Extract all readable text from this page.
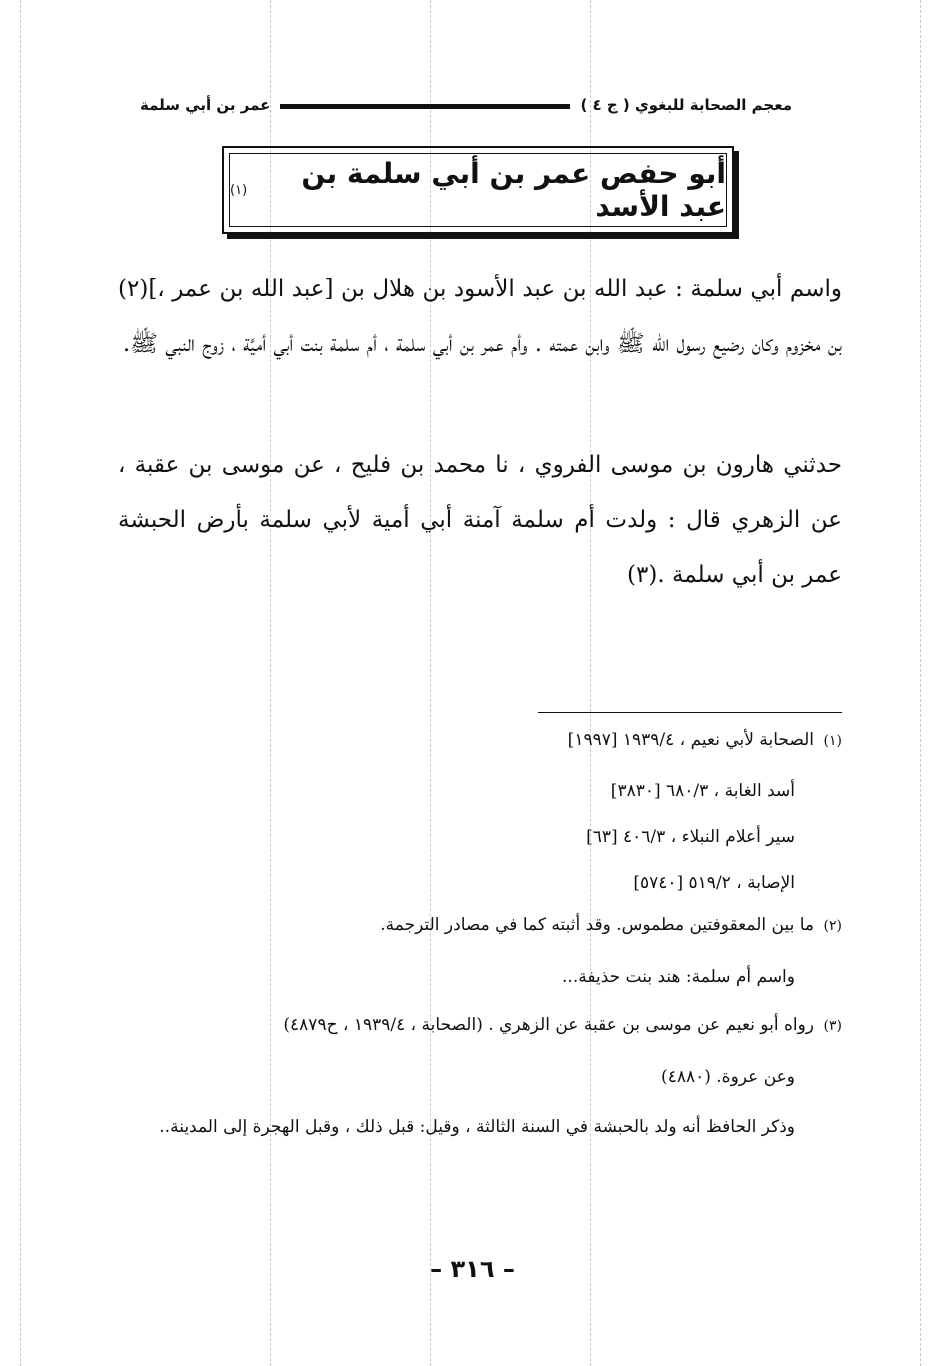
معجم الصحابة للبغوي ( ج ٤ )
عمر بن أبي سلمة
أبو حفص عمر بن أبي سلمة بن عبد الأسد
(١)
واسم أبي سلمة : عبد الله بن عبد الأسود بن هلال بن [عبد الله بن عمر ،](٢) بن مخزوم وكان رضيع رسول الله ﷺ وابن عمته . وأم عمر بن أبي سلمة ، أم سلمة بنت أبي أميَّة ، زوج النبي ﷺ.
حدثني هارون بن موسى الفروي ، نا محمد بن فليح ، عن موسى بن عقبة ، عن الزهري قال : ولدت أم سلمة آمنة أبي أمية لأبي سلمة بأرض الحبشة عمر بن أبي سلمة .(٣)
(١)الصحابة لأبي نعيم ، ١٩٣٩/٤ [١٩٩٧]
أسد الغابة ، ٦٨٠/٣ [٣٨٣٠]
سير أعلام النبلاء ، ٤٠٦/٣ [٦٣]
الإصابة ، ٥١٩/٢ [٥٧٤٠]
(٢)ما بين المعقوفتين مطموس. وقد أثبته كما في مصادر الترجمة.
واسم أم سلمة: هند بنت حذيفة...
(٣)رواه أبو نعيم عن موسى بن عقبة عن الزهري . (الصحابة ، ١٩٣٩/٤ ، ح٤٨٧٩)
وعن عروة. (٤٨٨٠)
وذكر الحافظ أنه ولد بالحبشة في السنة الثالثة ، وقيل: قبل ذلك ، وقبل الهجرة إلى المدينة..
– ٣١٦ –
